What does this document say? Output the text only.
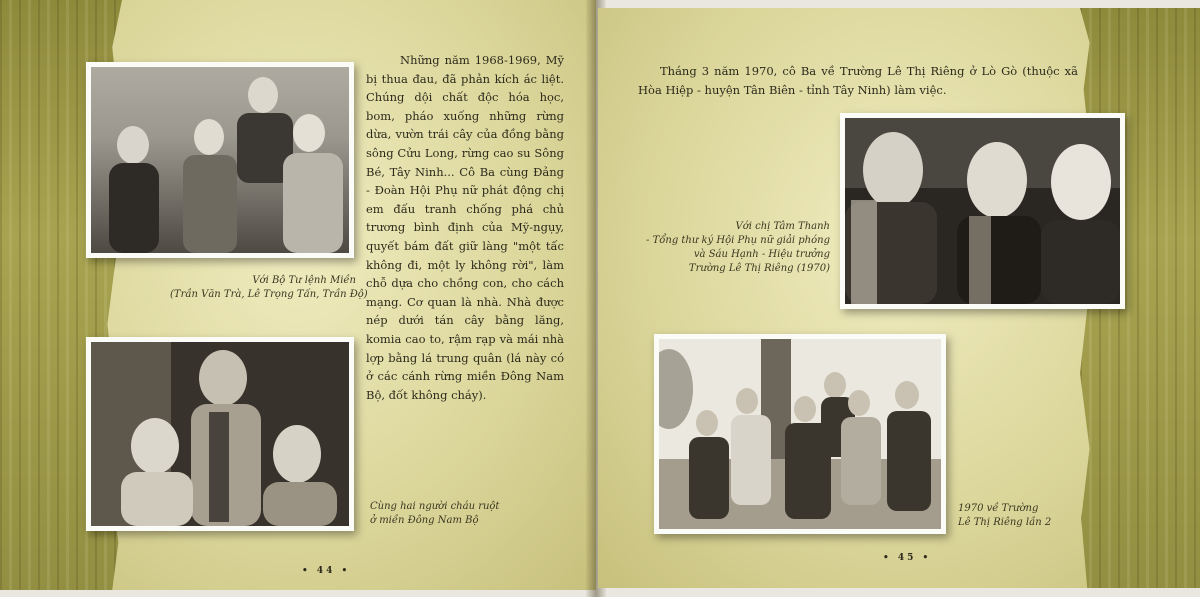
Với Bộ Tư lệnh Miền
(Trần Văn Trà, Lê Trọng Tấn, Trần Độ)
Cùng hai người cháu ruột
ở miền Đông Nam Bộ
Những năm 1968-1969, Mỹ bị thua đau, đã phản kích ác liệt. Chúng dội chất độc hóa học, bom, pháo xuống những rừng dừa, vườn trái cây của đồng bằng sông Cửu Long, rừng cao su Sông Bé, Tây Ninh... Cô Ba cùng Đảng - Đoàn Hội Phụ nữ phát động chị em đấu tranh chống phá chủ trương bình định của Mỹ-ngụy, quyết bám đất giữ làng "một tấc không đi, một ly không rời", làm chỗ dựa cho chồng con, cho cách mạng. Cơ quan là nhà. Nhà được nép dưới tán cây bằng lăng, komia cao to, rậm rạp và mái nhà lợp bằng lá trung quân (lá này có ở các cánh rừng miền Đông Nam Bộ, đốt không cháy).
• 44 •
Tháng 3 năm 1970, cô Ba về Trường Lê Thị Riêng ở Lò Gò (thuộc xã Hòa Hiệp - huyện Tân Biên - tỉnh Tây Ninh) làm việc.
Với chị Tâm Thanh
- Tổng thư ký Hội Phụ nữ giải phóng
và Sáu Hạnh - Hiệu trưởng
Trường Lê Thị Riêng (1970)
1970 về Trường
Lê Thị Riêng lần 2
• 45 •
